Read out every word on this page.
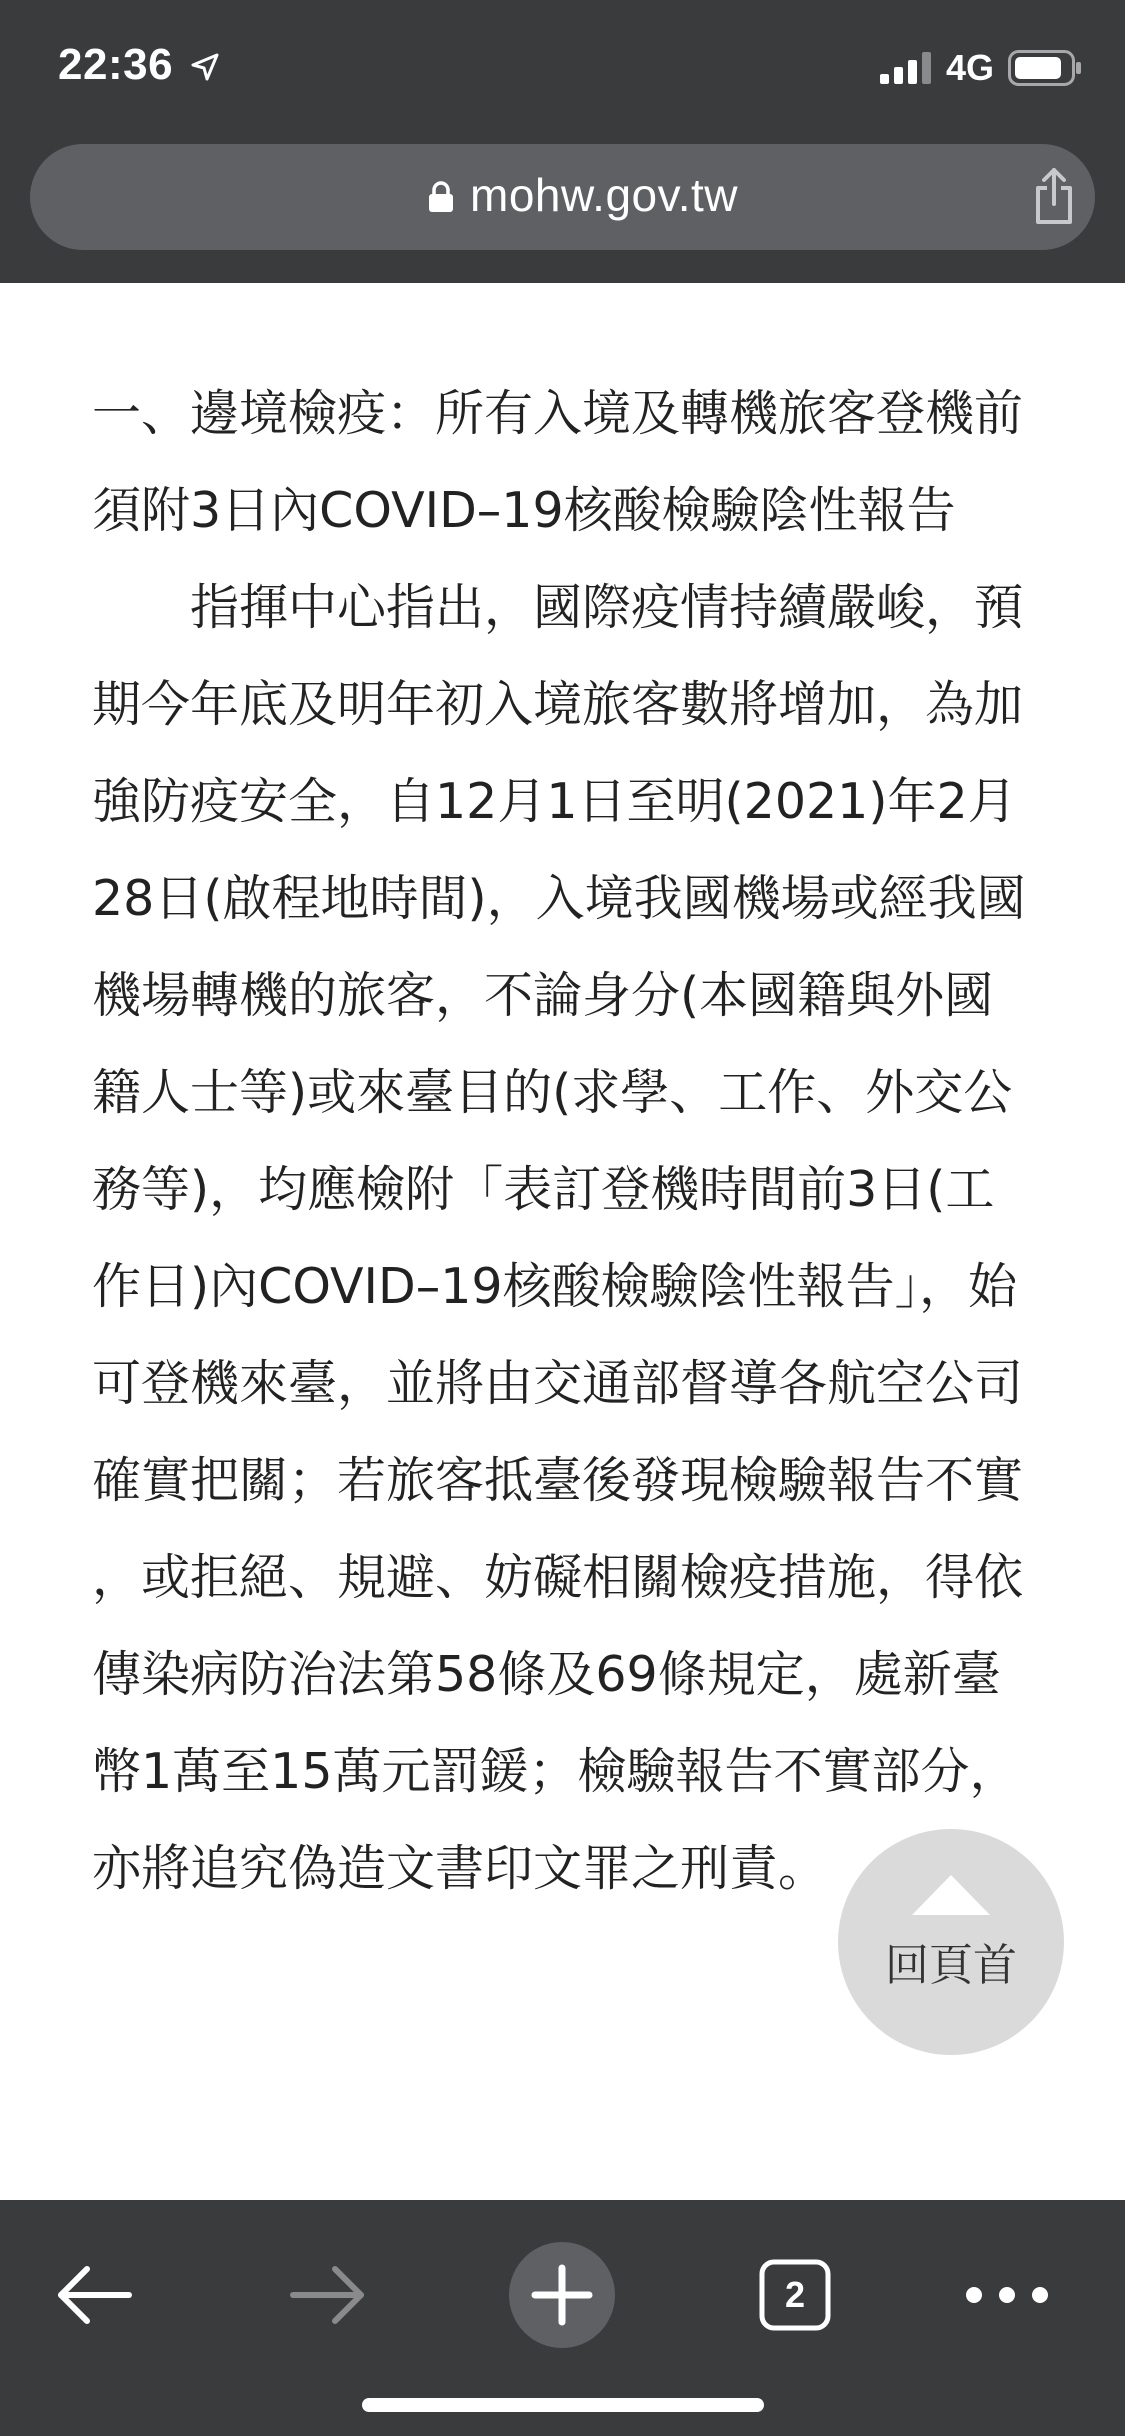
22:36	4G
mohw.gov.tw

一、邊境檢疫：所有入境及轉機旅客登機前須附3日內COVID–19核酸檢驗陰性報告

指揮中心指出，國際疫情持續嚴峻，預期今年底及明年初入境旅客數將增加，為加強防疫安全，自12月1日至明(2021)年2月28日(啟程地時間)，入境我國機場或經我國機場轉機的旅客，不論身分(本國籍與外國籍人士等)或來臺目的(求學、工作、外交公務等)，均應檢附「表訂登機時間前3日(工作日)內COVID–19核酸檢驗陰性報告」，始可登機來臺，並將由交通部督導各航空公司確實把關；若旅客抵臺後發現檢驗報告不實，或拒絕、規避、妨礙相關檢疫措施，得依傳染病防治法第58條及69條規定，處新臺幣1萬至15萬元罰鍰；檢驗報告不實部分，亦將追究偽造文書印文罪之刑責。

回頁首
2
